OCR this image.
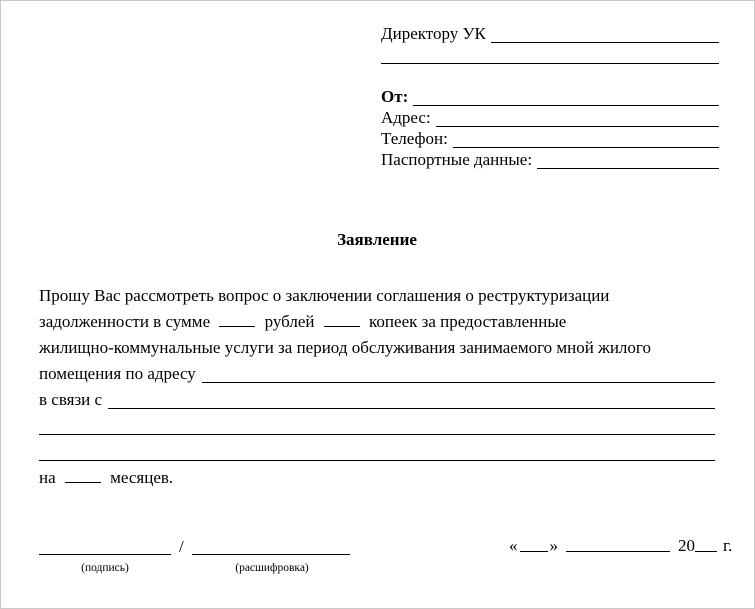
Директору УК
От:
Адрес:
Телефон:
Паспортные данные:
Заявление
Прошу Вас рассмотреть вопрос о заключении соглашения о реструктуризации
задолженности в сумме	рублей	копеек за предоставленные
жилищно-коммунальные услуги за период обслуживания занимаемого мной жилого
помещения по адресу
в связи с
на	месяцев.
/
(подпись)	(расшифровка)
« »	20 г.
